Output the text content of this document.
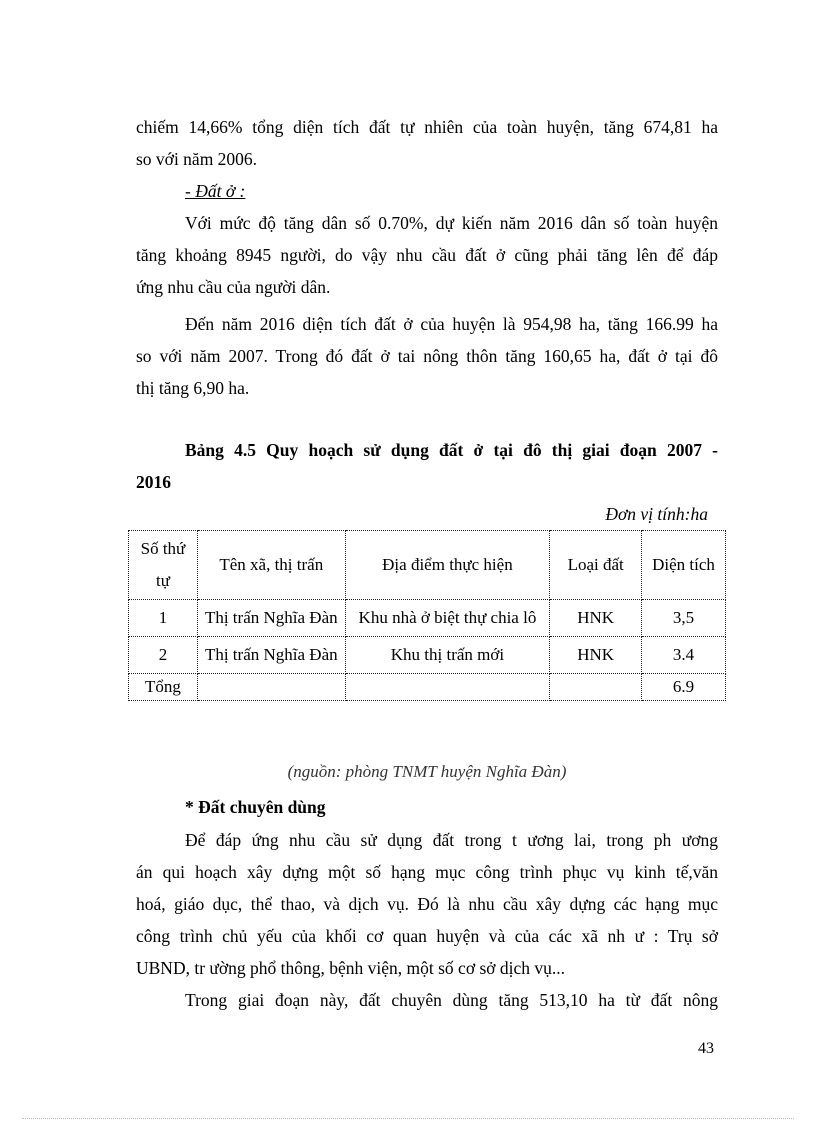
chiếm 14,66% tổng diện tích đất tự nhiên của toàn huyện, tăng 674,81 ha
so với năm 2006.
- Đất ở :
Với mức độ tăng dân số 0.70%, dự kiến năm 2016 dân số toàn huyện
tăng khoảng 8945 người, do vậy nhu cầu đất ở cũng phải tăng lên để đáp
ứng nhu cầu của người dân.
Đến năm 2016 diện tích đất ở của huyện là 954,98 ha, tăng 166.99 ha
so với năm 2007. Trong đó đất ở tai nông thôn tăng 160,65 ha, đất ở tại đô
thị tăng 6,90 ha.
Bảng 4.5 Quy hoạch sử dụng đất ở tại đô thị giai đoạn 2007 -
2016
Đơn vị tính:ha
Số thứ tự	Tên xã, thị trấn	Địa điểm thực hiện	Loại đất	Diện tích
1	Thị trấn Nghĩa Đàn	Khu nhà ở biệt thự chia lô	HNK	3,5
2	Thị trấn Nghĩa Đàn	Khu thị trấn mới	HNK	3.4
Tổng				6.9
(nguồn: phòng TNMT huyện Nghĩa Đàn)
* Đất chuyên dùng
Để đáp ứng nhu cầu sử dụng đất trong t ương lai, trong ph ương
án qui hoạch xây dựng một số hạng mục công trình phục vụ kinh tế,văn
hoá, giáo dục, thể thao, và dịch vụ. Đó là nhu cầu xây dựng các hạng mục
công trình chủ yếu của khối cơ quan huyện và của các xã nh ư : Trụ sở
UBND, tr ường phổ thông, bệnh viện, một số cơ sở dịch vụ...
Trong giai đoạn này, đất chuyên dùng tăng 513,10 ha từ đất nông
43
